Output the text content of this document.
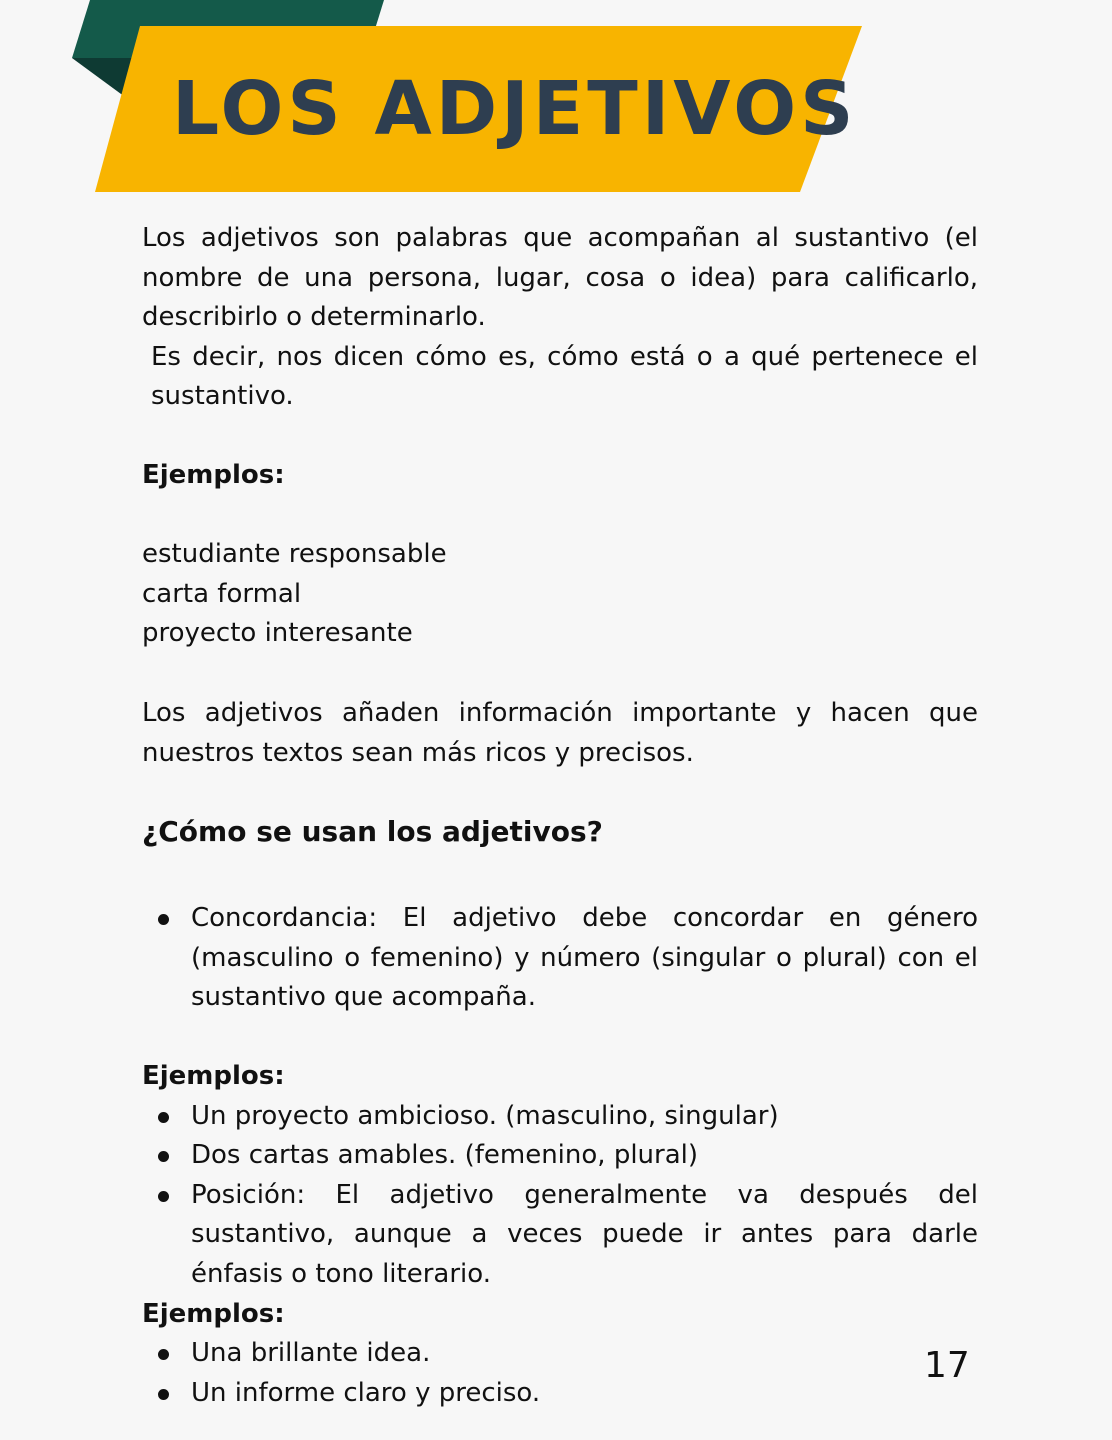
LOS ADJETIVOS

Los adjetivos son palabras que acompañan al sustantivo (el nombre de una persona, lugar, cosa o idea) para calificarlo, describirlo o determinarlo.

Es decir, nos dicen cómo es, cómo está o a qué pertenece el sustantivo.

Ejemplos:

estudiante responsable

carta formal

proyecto interesante

Los adjetivos añaden información importante y hacen que nuestros textos sean más ricos y precisos.

¿Cómo se usan los adjetivos?

Concordancia: El adjetivo debe concordar en género (masculino o femenino) y número (singular o plural) con el sustantivo que acompaña.

Ejemplos:

Un proyecto ambicioso. (masculino, singular)
Dos cartas amables. (femenino, plural)
Posición: El adjetivo generalmente va después del sustantivo, aunque a veces puede ir antes para darle énfasis o tono literario.

Ejemplos:

Una brillante idea.
Un informe claro y preciso.
17
